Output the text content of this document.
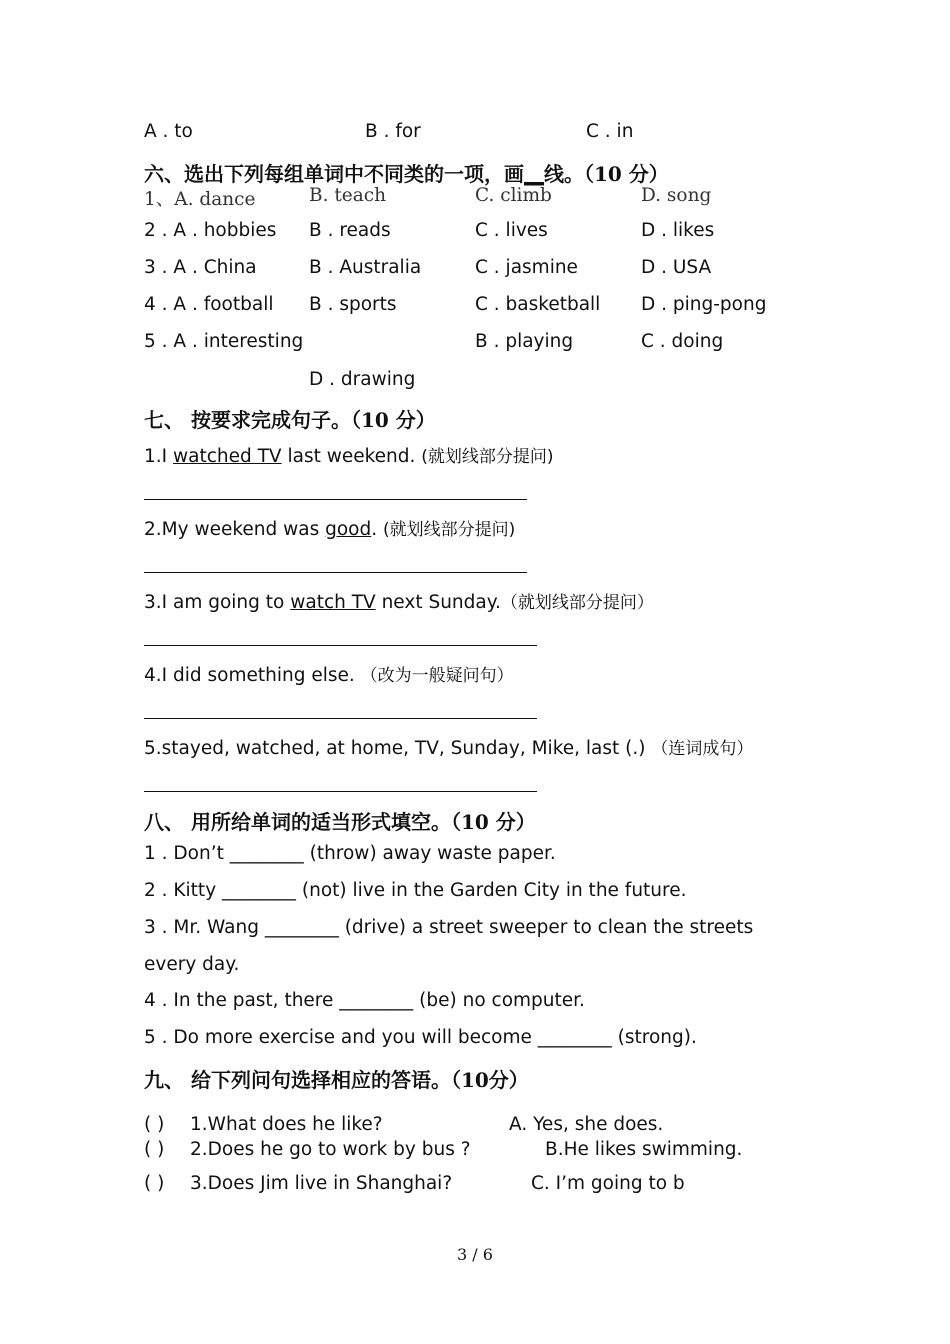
A . to	B . for	C . in
六、选出下列每组单词中不同类的一项，画__线。（10 分）
1、A. dance	B. teach	C. climb	D. song
2 . A . hobbies B . reads	C . lives	D . likes
3 . A . China	B . Australia	C . jasmine	D . USA
4 . A . football B . sports	C . basketball D . ping-pong
5 . A . interesting	B . playing	C . doing
D . drawing
七、 按要求完成句子。（10 分）
1.I watched TV last weekend. (就划线部分提问)
2.My weekend was good. (就划线部分提问)
3.I am going to watch TV next Sunday.（就划线部分提问）
4.I did something else. （改为一般疑问句）
5.stayed, watched, at home, TV, Sunday, Mike, last (.) （连词成句）
八、 用所给单词的适当形式填空。（10 分）
1 . Don’t ________ (throw) away waste paper.
2 . Kitty ________ (not) live in the Garden City in the future.
3 . Mr. Wang ________ (drive) a street sweeper to clean the streets
every day.
4 . In the past, there ________ (be) no computer.
5 . Do more exercise and you will become ________ (strong).
九、 给下列问句选择相应的答语。（10分）
( ) 1.What does he like?	A. Yes, she does.
( ) 2.Does he go to work by bus ?	B.He likes swimming.
( ) 3.Does Jim live in Shanghai?	C. I’m going to b
3 / 6
